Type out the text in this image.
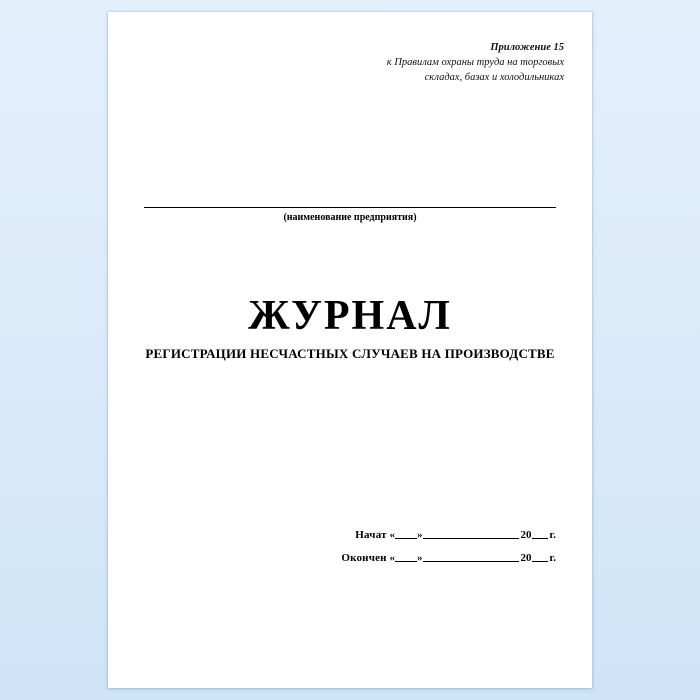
Приложение 15
к Правилам охраны труда на торговых
складах, базах и холодильниках
(наименование предприятия)
ЖУРНАЛ
РЕГИСТРАЦИИ НЕСЧАСТНЫХ СЛУЧАЕВ НА ПРОИЗВОДСТВЕ
Начат « »	20 г.
Окончен « »	20 г.
